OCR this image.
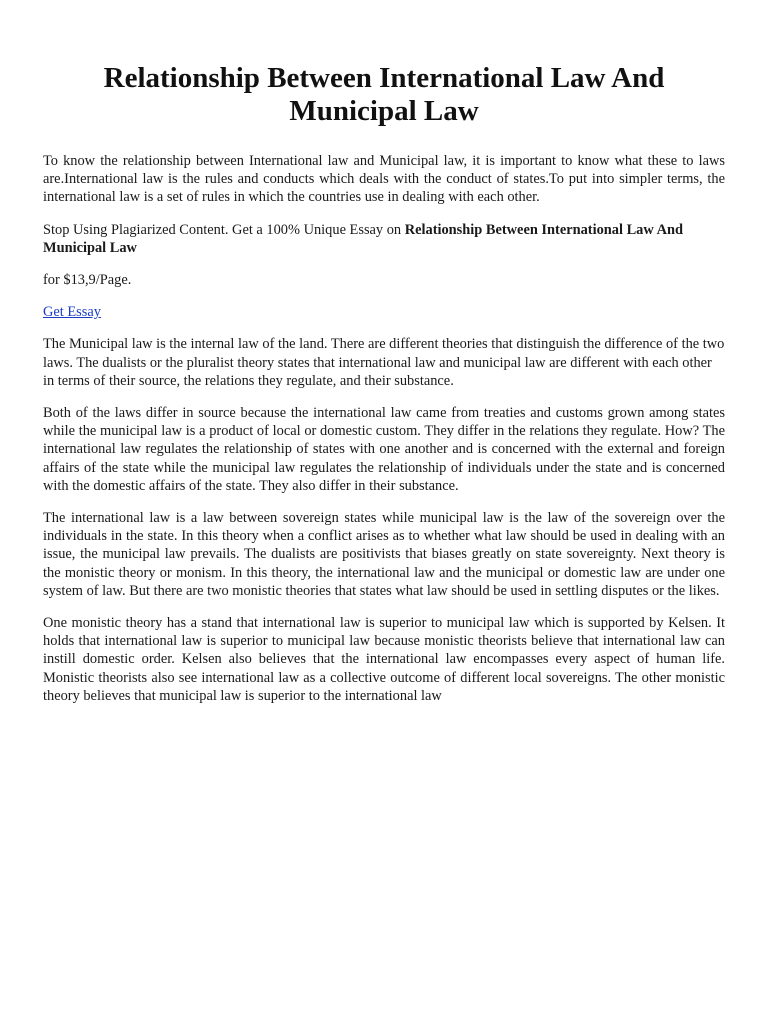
Relationship Between International Law And Municipal Law

To know the relationship between International law and Municipal law, it is important to know what these to laws are.International law is the rules and conducts which deals with the conduct of states.To put into simpler terms, the international law is a set of rules in which the countries use in dealing with each other.

Stop Using Plagiarized Content. Get a 100% Unique Essay on Relationship Between International Law And Municipal Law

for $13,9/Page.

Get Essay

The Municipal law is the internal law of the land. There are different theories that distinguish the difference of the two laws. The dualists or the pluralist theory states that international law and municipal law are different with each other in terms of their source, the relations they regulate, and their substance.

Both of the laws differ in source because the international law came from treaties and customs grown among states while the municipal law is a product of local or domestic custom. They differ in the relations they regulate. How? The international law regulates the relationship of states with one another and is concerned with the external and foreign affairs of the state while the municipal law regulates the relationship of individuals under the state and is concerned with the domestic affairs of the state. They also differ in their substance.

The international law is a law between sovereign states while municipal law is the law of the sovereign over the individuals in the state. In this theory when a conflict arises as to whether what law should be used in dealing with an issue, the municipal law prevails. The dualists are positivists that biases greatly on state sovereignty. Next theory is the monistic theory or monism. In this theory, the international law and the municipal or domestic law are under one system of law. But there are two monistic theories that states what law should be used in settling disputes or the likes.

One monistic theory has a stand that international law is superior to municipal law which is supported by Kelsen. It holds that international law is superior to municipal law because monistic theorists believe that international law can instill domestic order. Kelsen also believes that the international law encompasses every aspect of human life. Monistic theorists also see international law as a collective outcome of different local sovereigns. The other monistic theory believes that municipal law is superior to the international law
